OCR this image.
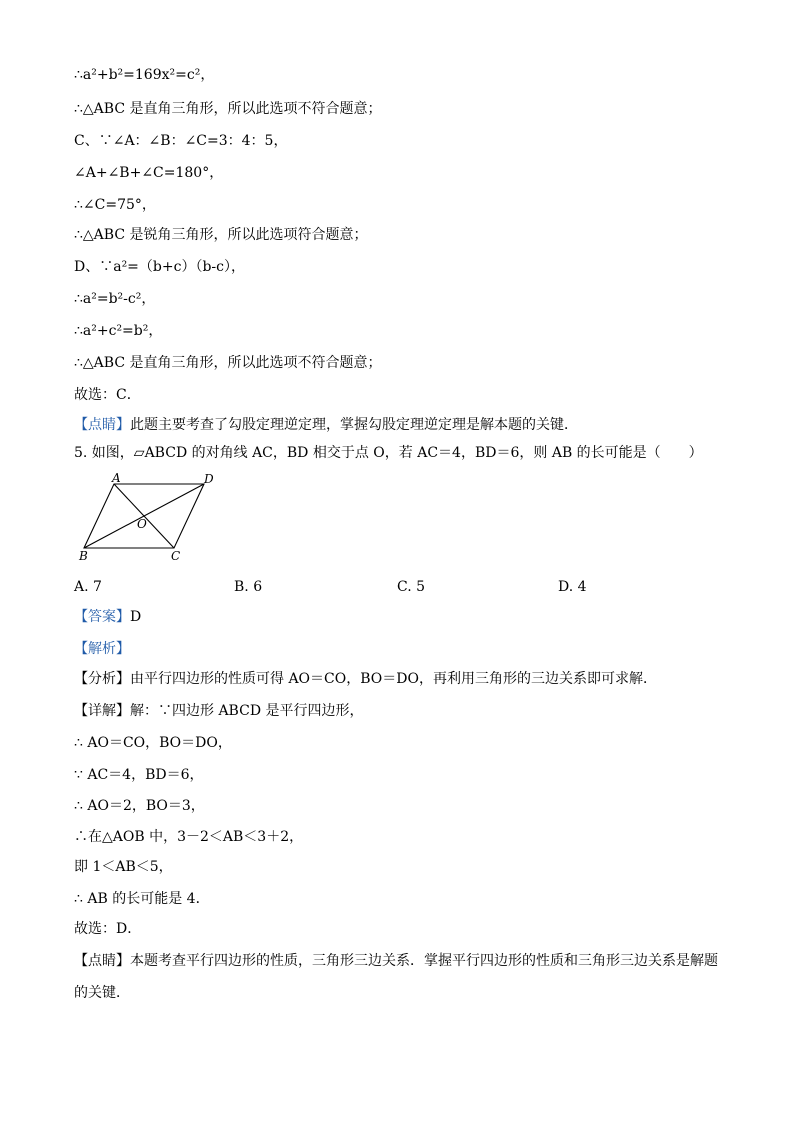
∴a²+b²=169x²=c²，
∴△ABC 是直角三角形，所以此选项不符合题意；
C、∵∠A：∠B：∠C=3：4：5，
∠A+∠B+∠C=180°，
∴∠C=75°，
∴△ABC 是锐角三角形，所以此选项符合题意；
D、∵a²=（b+c）（b-c），
∴a²=b²-c²，
∴a²+c²=b²，
∴△ABC 是直角三角形，所以此选项不符合题意；
故选：C．
【点睛】此题主要考查了勾股定理逆定理，掌握勾股定理逆定理是解本题的关键．
5. 如图，▱ABCD 的对角线 AC，BD 相交于点 O，若 AC＝4，BD＝6，则 AB 的长可能是（　　）
A	D
B	C
O
A. 7	B. 6	C. 5	D. 4
【答案】D
【解析】
【分析】由平行四边形的性质可得 AO＝CO，BO＝DO，再利用三角形的三边关系即可求解．
【详解】解：∵四边形 ABCD 是平行四边形，
∴ AO＝CO，BO＝DO，
∵ AC＝4，BD＝6，
∴ AO＝2，BO＝3，
∴在△AOB 中，3－2＜AB＜3＋2，
即 1＜AB＜5，
∴ AB 的长可能是 4．
故选：D．
【点睛】本题考查平行四边形的性质，三角形三边关系．掌握平行四边形的性质和三角形三边关系是解题
的关键．
